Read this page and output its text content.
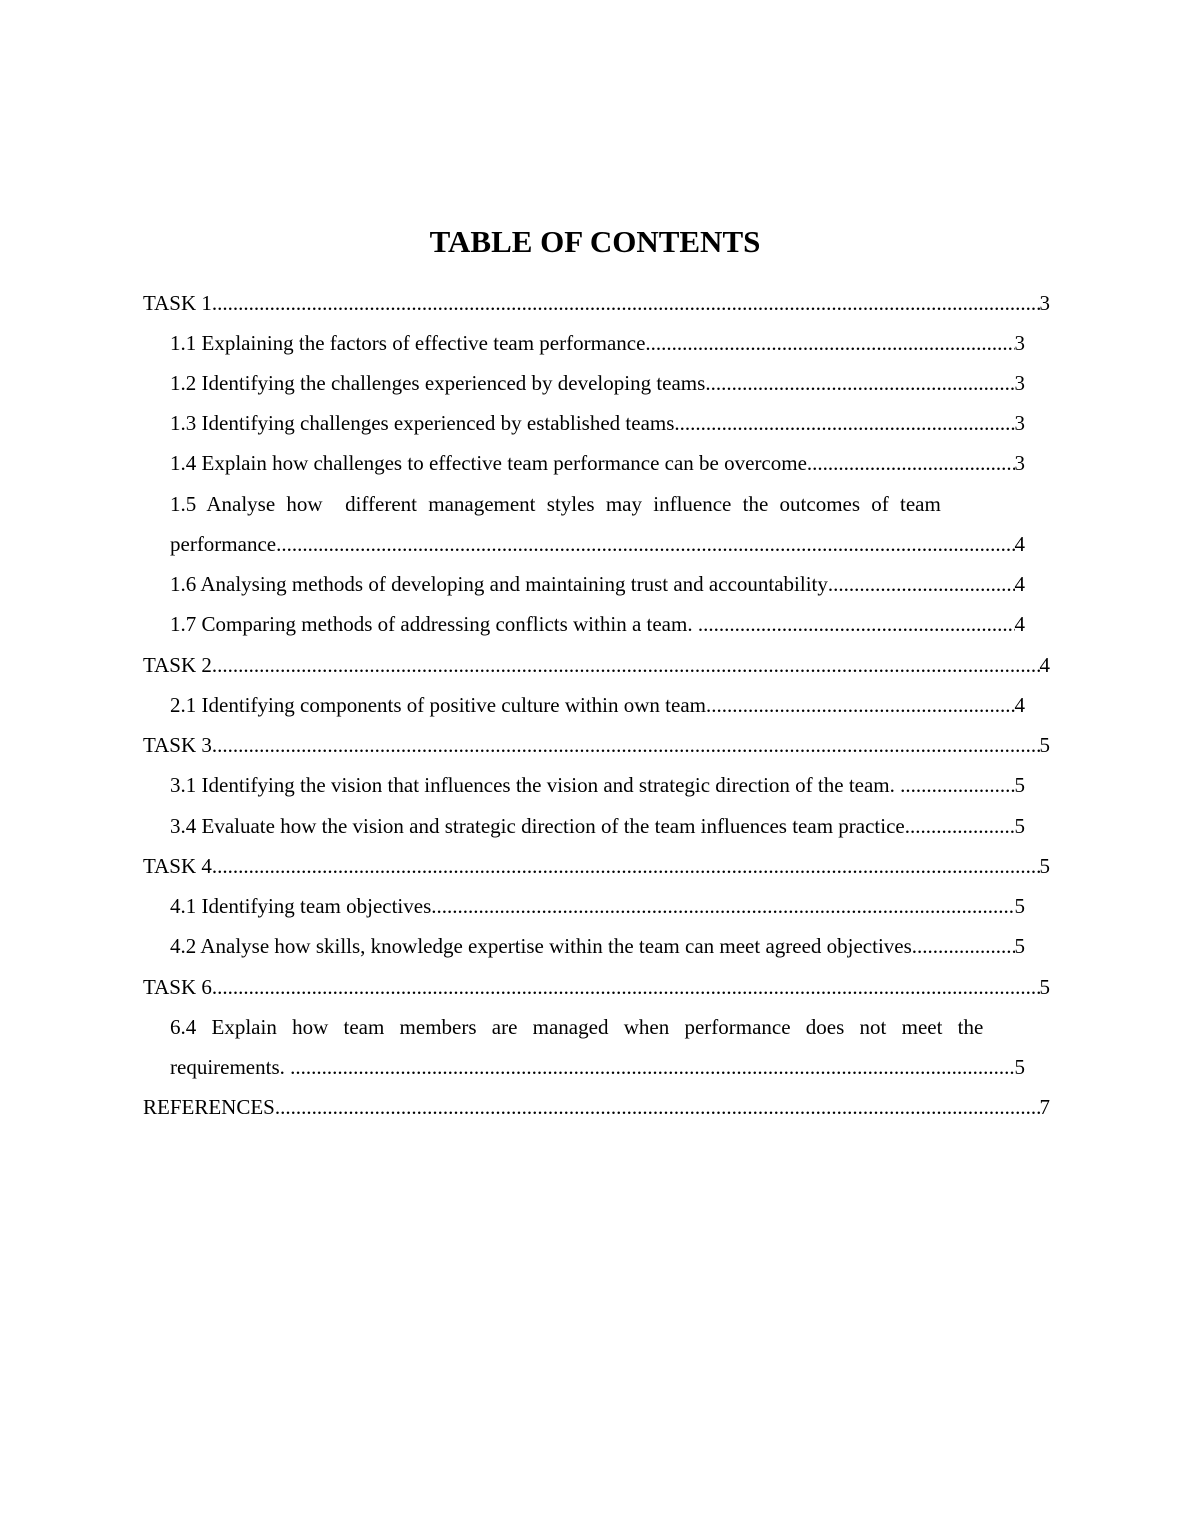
TABLE OF CONTENTS
TASK 1 .....	3
1.1 Explaining the factors of effective team performance .....	3
1.2 Identifying the challenges experienced by developing teams .....	3
1.3 Identifying challenges experienced by established teams .....	3
1.4 Explain how challenges to effective team performance can be overcome .....	3
1.5 Analyse how  different management styles may influence the outcomes of team
performance .....	4
1.6 Analysing methods of developing and maintaining trust and accountability .....	4
1.7 Comparing methods of addressing conflicts within a team. .....	4
TASK 2 .....	4
2.1 Identifying components of positive culture within own team .....	4
TASK 3 .....	5
3.1 Identifying the vision that influences the vision and strategic direction of the team. .....	5
3.4 Evaluate how the vision and strategic direction of the team influences team practice. .....	5
TASK 4 .....	5
4.1 Identifying team objectives .....	5
4.2 Analyse how skills, knowledge expertise within the team can meet agreed objectives .....	5
TASK 6 .....	5
6.4 Explain how team members are managed when performance does not meet the
requirements. .....	5
REFERENCES .....	7
